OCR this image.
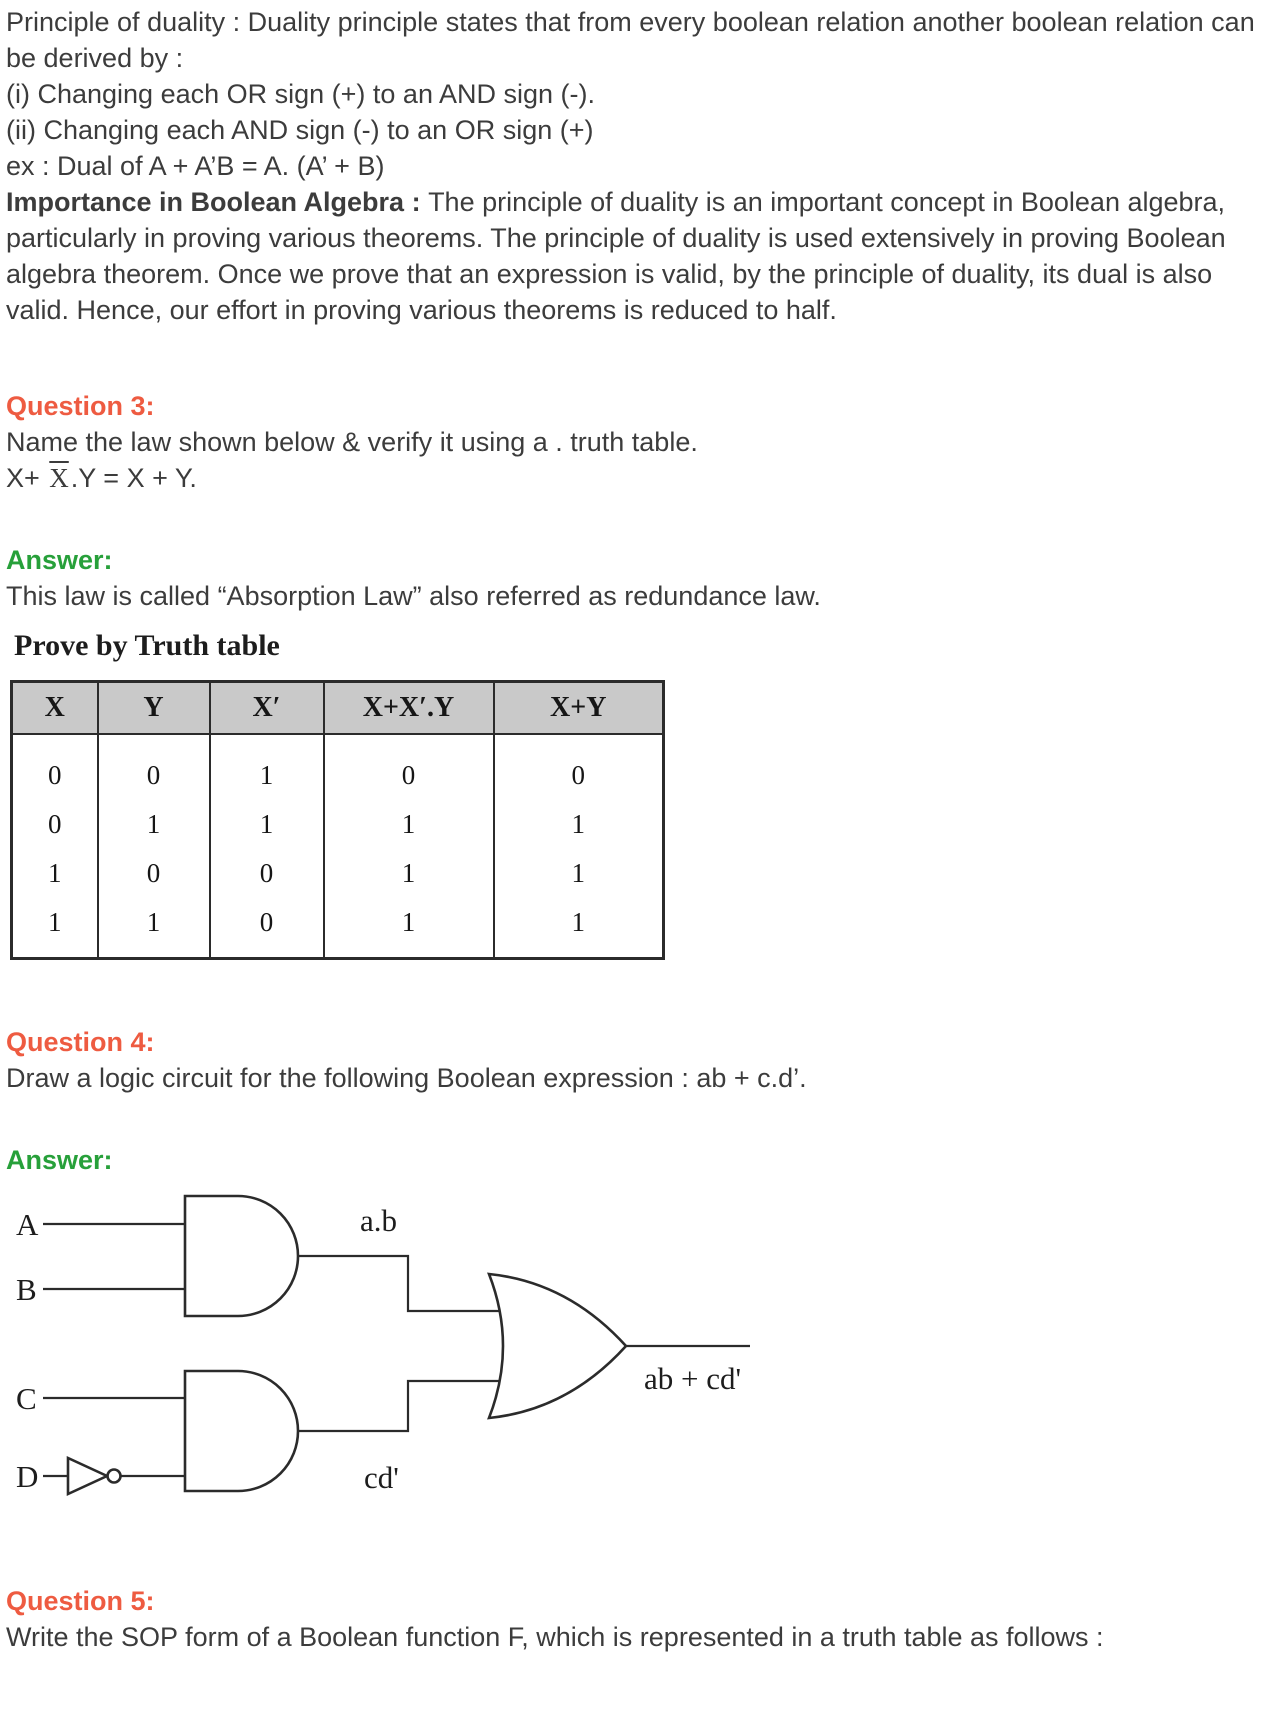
Principle of duality : Duality principle states that from every boolean relation another boolean relation can be derived by :

(i) Changing each OR sign (+) to an AND sign (-).
(ii) Changing each AND sign (-) to an OR sign (+)
ex : Dual of A + A’B = A. (A’ + B)

Importance in Boolean Algebra : The principle of duality is an important concept in Boolean algebra, particularly in proving various theorems. The principle of duality is used extensively in proving Boolean algebra theorem. Once we prove that an expression is valid, by the principle of duality, its dual is also valid. Hence, our effort in proving various theorems is reduced to half.

Question 3:
Name the law shown below & verify it using a . truth table.
$X+ \overline{X}.Y = X + Y$.
Answer:
This law is called “Absorption Law” also referred as redundance law.
Prove by Truth table
X	Y	X′	X+X′.Y	X+Y
0	0	1	0	0
0	1	1	1	1
1	0	0	1	1
1	1	0	1	1
Question 4:
Draw a logic circuit for the following Boolean expression : ab + c.d’.
Answer:
A
B
C
D
a.b
cd'
ab + cd'
Question 5:

Write the SOP form of a Boolean function F, which is represented in a truth table as follows :
